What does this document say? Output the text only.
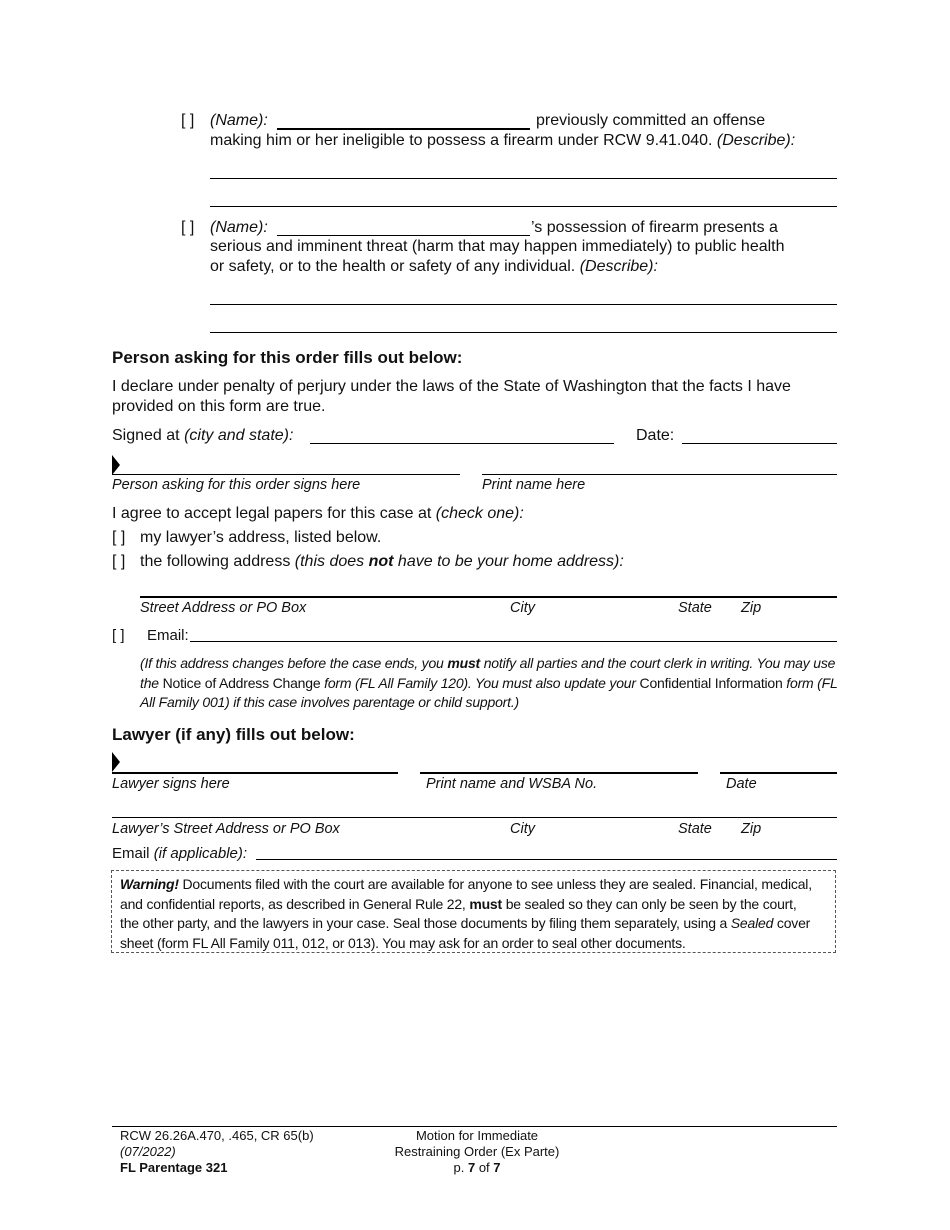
[ ] (Name):	previously committed an offense
making him or her ineligible to possess a firearm under RCW 9.41.040. (Describe):
[ ] (Name):	’s possession of firearm presents a
serious and imminent threat (harm that may happen immediately) to public health
or safety, or to the health or safety of any individual. (Describe):
Person asking for this order fills out below:
I declare under penalty of perjury under the laws of the State of Washington that the facts I have
provided on this form are true.
Signed at (city and state):	Date:
Person asking for this order signs here	Print name here
I agree to accept legal papers for this case at (check one):
[ ] my lawyer’s address, listed below.
[ ] the following address (this does not have to be your home address):
Street Address or PO Box	City	State Zip
[ ] Email:
(If this address changes before the case ends, you must notify all parties and the court clerk in writing. You may use the Notice of Address Change form (FL All Family 120). You must also update your Confidential Information form (FL All Family 001) if this case involves parentage or child support.)
Lawyer (if any) fills out below:
Lawyer signs here	Print name and WSBA No.	Date
Lawyer’s Street Address or PO Box	City	State Zip
Email (if applicable):
Warning! Documents filed with the court are available for anyone to see unless they are sealed. Financial, medical,
and confidential reports, as described in General Rule 22, must be sealed so they can only be seen by the court,
the other party, and the lawyers in your case. Seal those documents by filing them separately, using a Sealed cover
sheet (form FL All Family 011, 012, or 013). You may ask for an order to seal other documents.
RCW 26.26A.470, .465, CR 65(b)
(07/2022)
FL Parentage 321
Motion for Immediate
Restraining Order (Ex Parte)
p. 7 of 7
